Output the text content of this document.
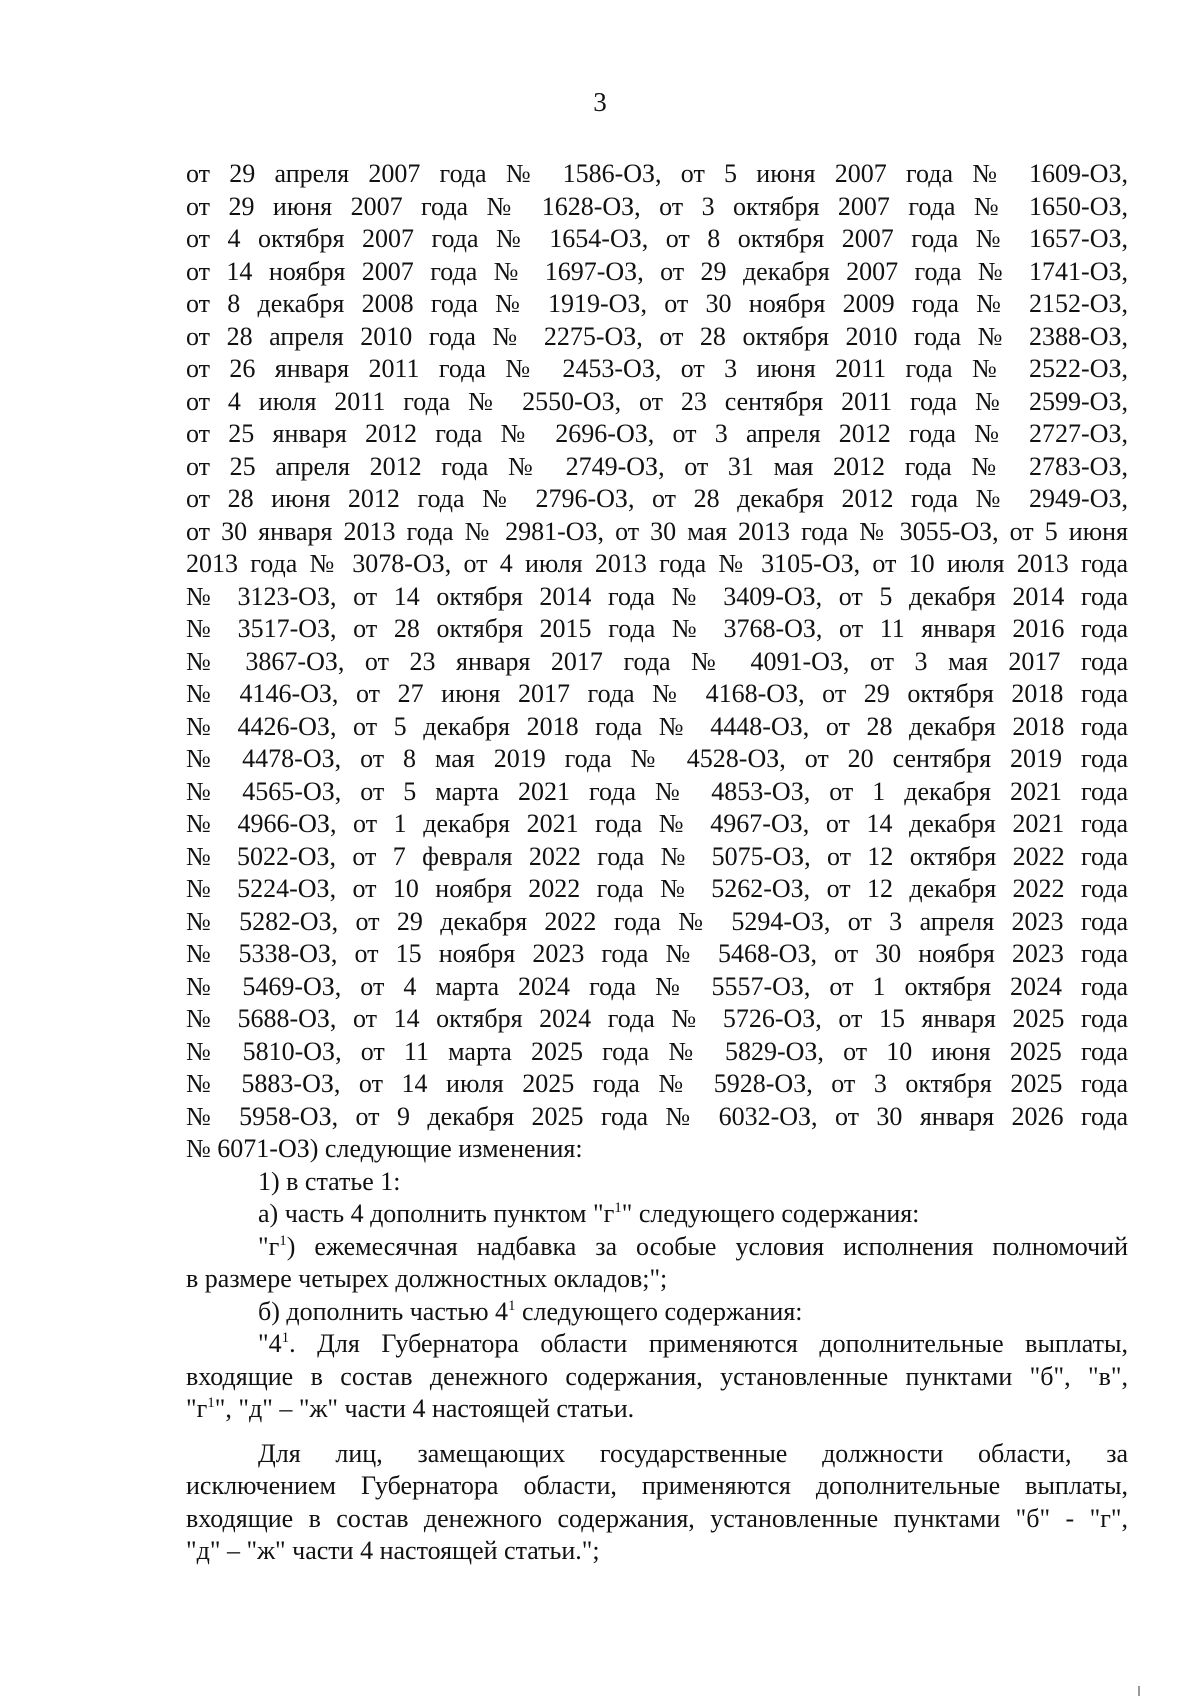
3
от 29 апреля 2007 года № 1586-ОЗ, от 5 июня 2007 года № 1609-ОЗ,
от 29 июня 2007 года № 1628-ОЗ, от 3 октября 2007 года № 1650-ОЗ,
от 4 октября 2007 года № 1654-ОЗ, от 8 октября 2007 года № 1657-ОЗ,
от 14 ноября 2007 года № 1697-ОЗ, от 29 декабря 2007 года № 1741-ОЗ,
от 8 декабря 2008 года № 1919-ОЗ, от 30 ноября 2009 года № 2152-ОЗ,
от 28 апреля 2010 года № 2275-ОЗ, от 28 октября 2010 года № 2388-ОЗ,
от 26 января 2011 года № 2453-ОЗ, от 3 июня 2011 года № 2522-ОЗ,
от 4 июля 2011 года № 2550-ОЗ, от 23 сентября 2011 года № 2599-ОЗ,
от 25 января 2012 года № 2696-ОЗ, от 3 апреля 2012 года № 2727-ОЗ,
от 25 апреля 2012 года № 2749-ОЗ, от 31 мая 2012 года № 2783-ОЗ,
от 28 июня 2012 года № 2796-ОЗ, от 28 декабря 2012 года № 2949-ОЗ,
от 30 января 2013 года № 2981-ОЗ, от 30 мая 2013 года № 3055-ОЗ, от 5 июня
2013 года № 3078-ОЗ, от 4 июля 2013 года № 3105-ОЗ, от 10 июля 2013 года
№ 3123-ОЗ, от 14 октября 2014 года № 3409-ОЗ, от 5 декабря 2014 года
№ 3517-ОЗ, от 28 октября 2015 года № 3768-ОЗ, от 11 января 2016 года
№ 3867-ОЗ, от 23 января 2017 года № 4091-ОЗ, от 3 мая 2017 года
№ 4146-ОЗ, от 27 июня 2017 года № 4168-ОЗ, от 29 октября 2018 года
№ 4426-ОЗ, от 5 декабря 2018 года № 4448-ОЗ, от 28 декабря 2018 года
№ 4478-ОЗ, от 8 мая 2019 года № 4528-ОЗ, от 20 сентября 2019 года
№ 4565-ОЗ, от 5 марта 2021 года № 4853-ОЗ, от 1 декабря 2021 года
№ 4966-ОЗ, от 1 декабря 2021 года № 4967-ОЗ, от 14 декабря 2021 года
№ 5022-ОЗ, от 7 февраля 2022 года № 5075-ОЗ, от 12 октября 2022 года
№ 5224-ОЗ, от 10 ноября 2022 года № 5262-ОЗ, от 12 декабря 2022 года
№ 5282-ОЗ, от 29 декабря 2022 года № 5294-ОЗ, от 3 апреля 2023 года
№ 5338-ОЗ, от 15 ноября 2023 года № 5468-ОЗ, от 30 ноября 2023 года
№ 5469-ОЗ, от 4 марта 2024 года № 5557-ОЗ, от 1 октября 2024 года
№ 5688-ОЗ, от 14 октября 2024 года № 5726-ОЗ, от 15 января 2025 года
№ 5810-ОЗ, от 11 марта 2025 года № 5829-ОЗ, от 10 июня 2025 года
№ 5883-ОЗ, от 14 июля 2025 года № 5928-ОЗ, от 3 октября 2025 года
№ 5958-ОЗ, от 9 декабря 2025 года № 6032-ОЗ, от 30 января 2026 года
№ 6071-ОЗ) следующие изменения:
1) в статье 1:
а) часть 4 дополнить пунктом "$г^1$" следующего содержания:
"$г^1$) ежемесячная надбавка за особые условия исполнения полномочий
в размере четырех должностных окладов;";
б) дополнить частью $4^1$ следующего содержания:
"$4^1$. Для Губернатора области применяются дополнительные выплаты,
входящие в состав денежного содержания, установленные пунктами "б", "в",
"$г^1$", "д" – "ж" части 4 настоящей статьи.
Для лиц, замещающих государственные должности области, за
исключением Губернатора области, применяются дополнительные выплаты,
входящие в состав денежного содержания, установленные пунктами "б" - "г",
"д" – "ж" части 4 настоящей статьи.";
